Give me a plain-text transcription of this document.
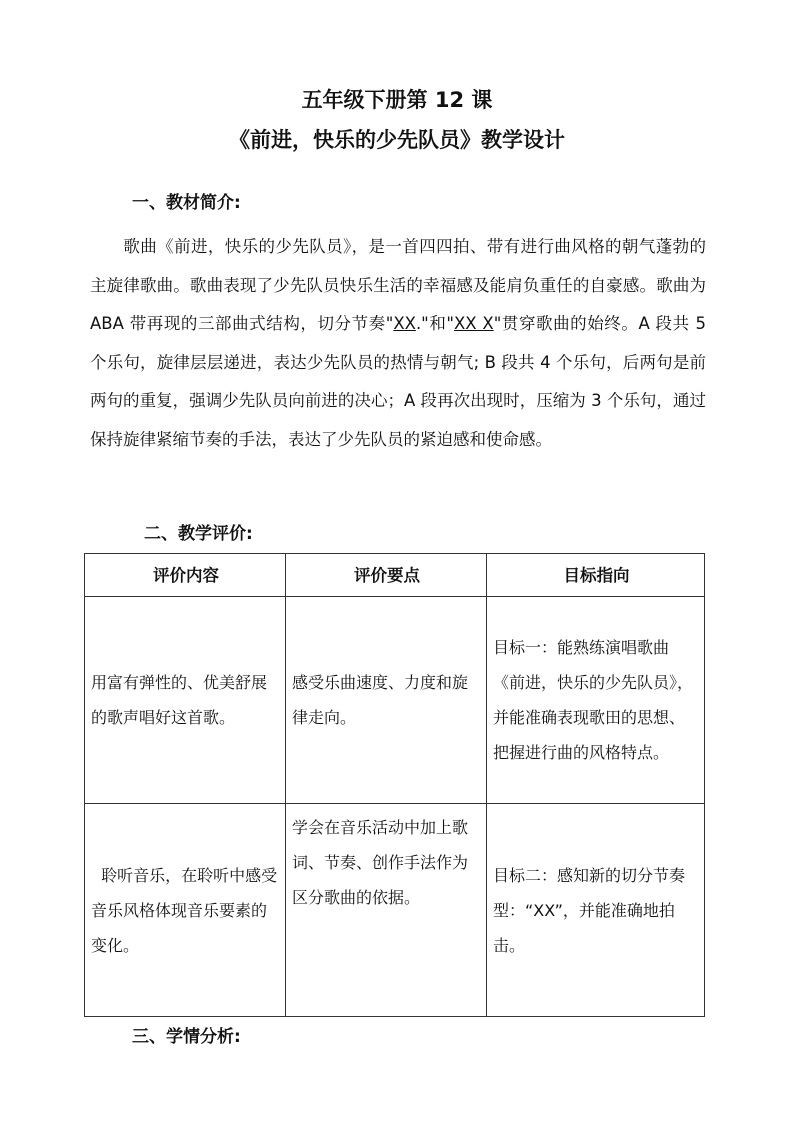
五年级下册第 12 课
《前进，快乐的少先队员》教学设计
一、教材简介:

歌曲《前进，快乐的少先队员》，是一首四四拍、带有进行曲风格的朝气蓬勃的主旋律歌曲。歌曲表现了少先队员快乐生活的幸福感及能肩负重任的自豪感。歌曲为 ABA 带再现的三部曲式结构，切分节奏"XX."和"XX X"贯穿歌曲的始终。A 段共 5 个乐句，旋律层层递进，表达少先队员的热情与朝气; B 段共 4 个乐句，后两句是前两句的重复，强调少先队员向前进的决心；A 段再次出现时，压缩为 3 个乐句，通过保持旋律紧缩节奏的手法，表达了少先队员的紧迫感和使命感。

二、教学评价:
评价内容	评价要点	目标指向
用富有弹性的、优美舒展的歌声唱好这首歌。	感受乐曲速度、力度和旋律走向。	目标一：能熟练演唱歌曲《前进，快乐的少先队员》，并能准确表现歌田的思想、把握进行曲的风格特点。
聆听音乐，在聆听中感受音乐风格体现音乐要素的变化。	学会在音乐活动中加上歌词、节奏、创作手法作为区分歌曲的依据。	目标二：感知新的切分节奏型：“XX”，并能准确地拍击。
三、学情分析:
